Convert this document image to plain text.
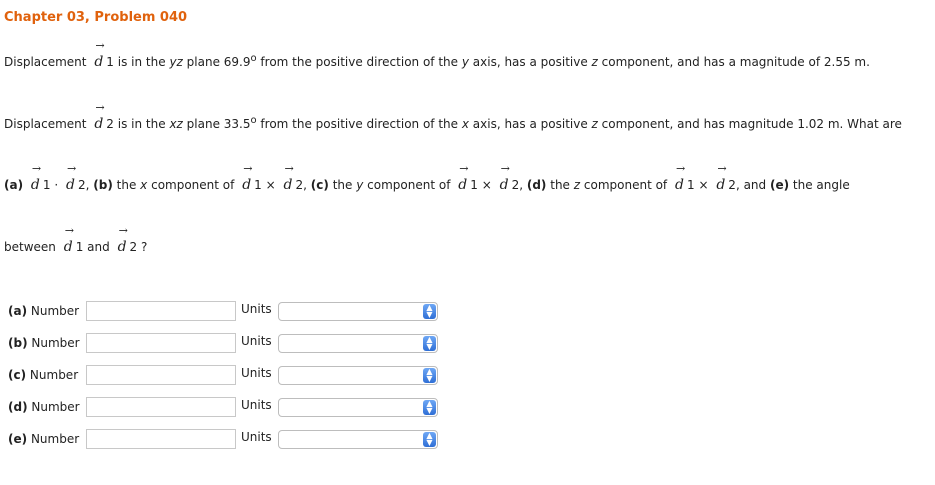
Chapter 03, Problem 040
Displacement
→
d 1 is in the yz plane 69.9$^o$ from the positive direction of the y axis, has a positive z component, and has a magnitude of 2.55 m.
Displacement
→
d 2 is in the xz plane 33.5$^o$ from the positive direction of the x axis, has a positive z component, and has magnitude 1.02 m. What are
(a)
→
d 1 ·
→
d 2, (b) the x component of
→
d 1 ×
→
d 2, (c) the y component of
→
d 1 ×
→
d 2, (d) the z component of
→
d 1 ×
→
d 2, and (e) the angle
between
→
d 1 and
→
d 2 ?
(a) Number	Units	▲
▼
(b) Number	Units	▲
▼
(c) Number	Units	▲
▼
(d) Number	Units	▲
▼
(e) Number	Units	▲
▼
